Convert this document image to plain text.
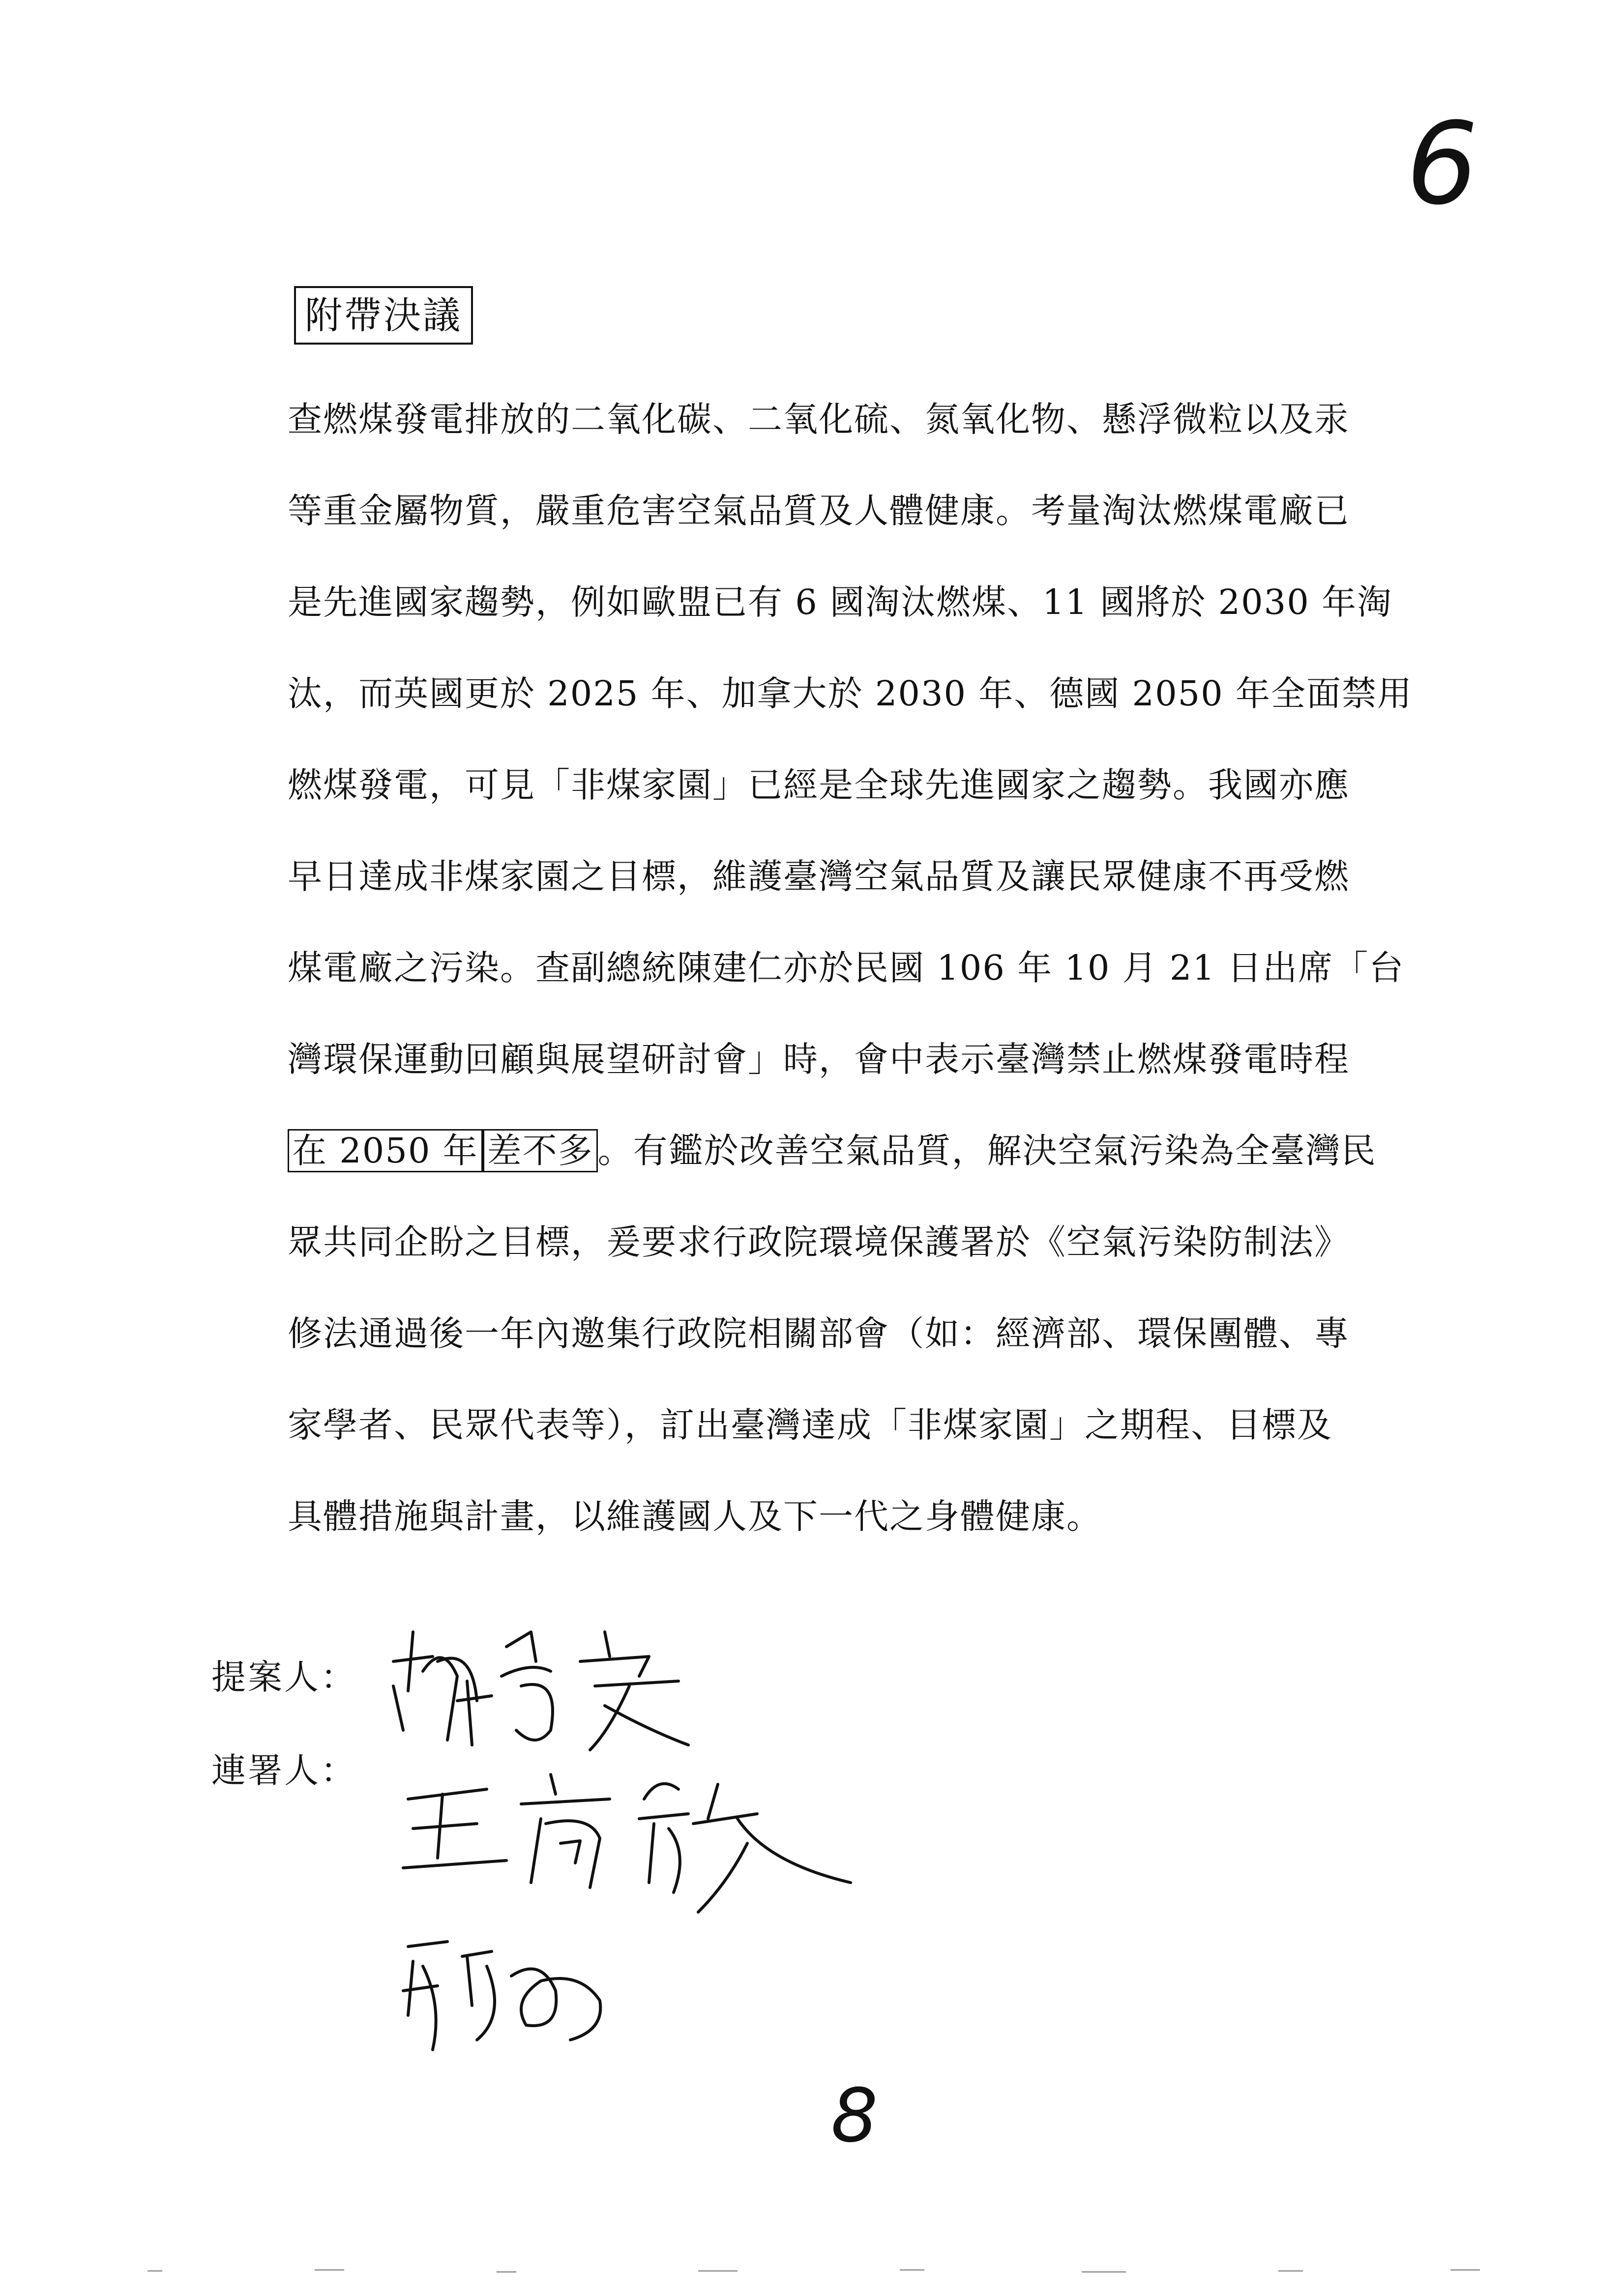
6
附帶決議
查燃煤發電排放的二氧化碳、二氧化硫、氮氧化物、懸浮微粒以及汞
等重金屬物質，嚴重危害空氣品質及人體健康。考量淘汰燃煤電廠已
是先進國家趨勢，例如歐盟已有 6 國淘汰燃煤、11 國將於 2030 年淘
汰，而英國更於 2025 年、加拿大於 2030 年、德國 2050 年全面禁用
燃煤發電，可見「非煤家園」已經是全球先進國家之趨勢。我國亦應
早日達成非煤家園之目標，維護臺灣空氣品質及讓民眾健康不再受燃
煤電廠之污染。查副總統陳建仁亦於民國 106 年 10 月 21 日出席「台
灣環保運動回顧與展望研討會」時，會中表示臺灣禁止燃煤發電時程
在 2050 年 差不多 。有鑑於改善空氣品質，解決空氣污染為全臺灣民
眾共同企盼之目標，爰要求行政院環境保護署於《空氣污染防制法》
修法通過後一年內邀集行政院相關部會（如：經濟部、環保團體、專
家學者、民眾代表等），訂出臺灣達成「非煤家園」之期程、目標及
具體措施與計畫，以維護國人及下一代之身體健康。
提案人：
連署人：
8
